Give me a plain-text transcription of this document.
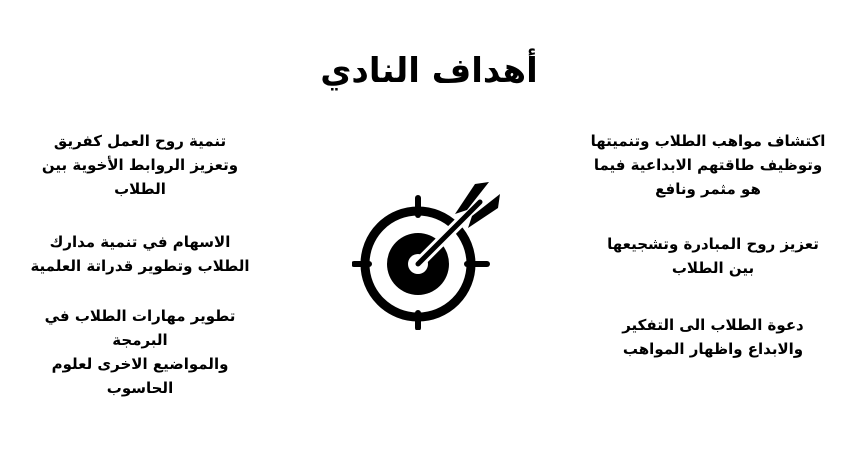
أهداف النادي
اكتشاف مواهب الطلاب وتنميتها
وتوظيف طاقتهم الابداعية فيما
هو مثمر ونافع
تعزيز روح المبادرة وتشجيعها
بين الطلاب
دعوة الطلاب الى التفكير
والابداع واظهار المواهب
تنمية روح العمل كفريق
وتعزيز الروابط الأخوية بين
الطلاب
الاسهام في تنمية مدارك
الطلاب وتطوير قدراتة العلمية
تطوير مهارات الطلاب في البرمجة
والمواضيع الاخرى لعلوم
الحاسوب
